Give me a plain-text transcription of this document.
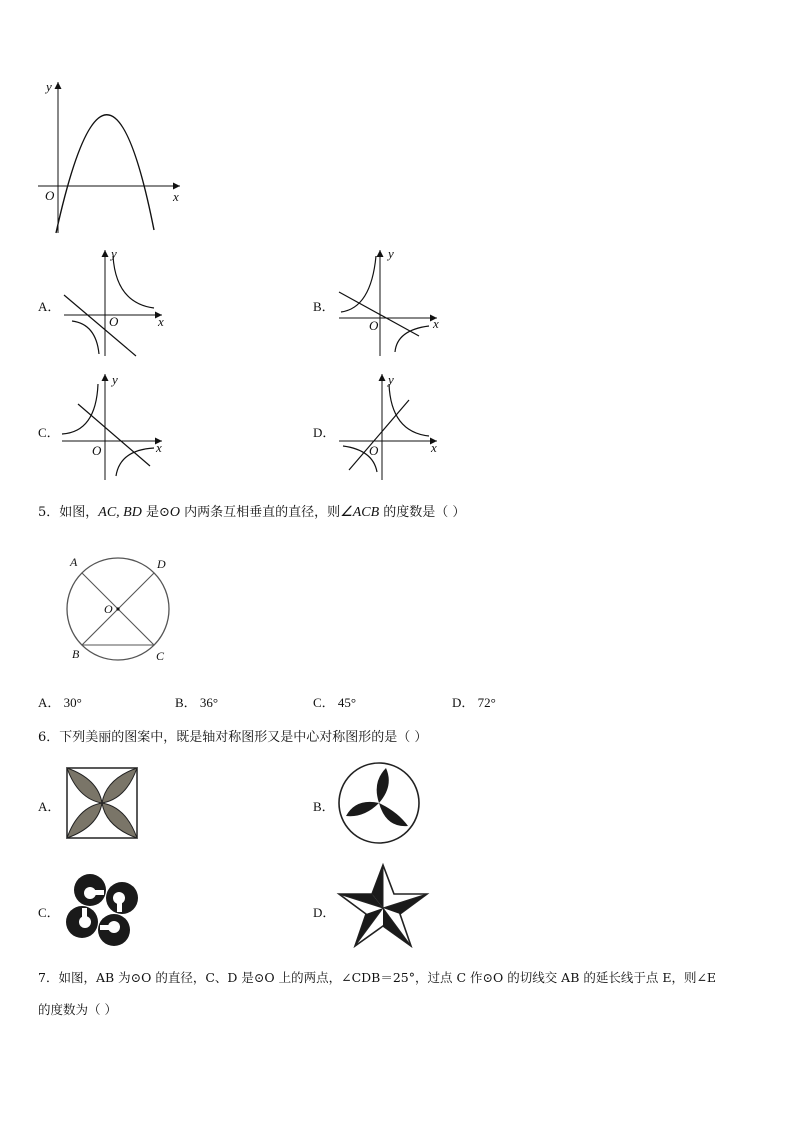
y
x
O
A．
y
x
O
B．
y
x
O
C．
y
x
O
D．
y
x
O
5．如图，AC, BD 是⊙O 内两条互相垂直的直径，则∠ACB 的度数是（ ）
A	D
O
B	C
A． 30°	B． 36°	C． 45°	D． 72°
6．下列美丽的图案中，既是轴对称图形又是中心对称图形的是（ ）
A．	B．
C．	D．
7．如图，AB 为⊙O 的直径，C、D 是⊙O 上的两点，∠CDB＝25°，过点 C 作⊙O 的切线交 AB 的延长线于点 E，则∠E
的度数为（ ）
